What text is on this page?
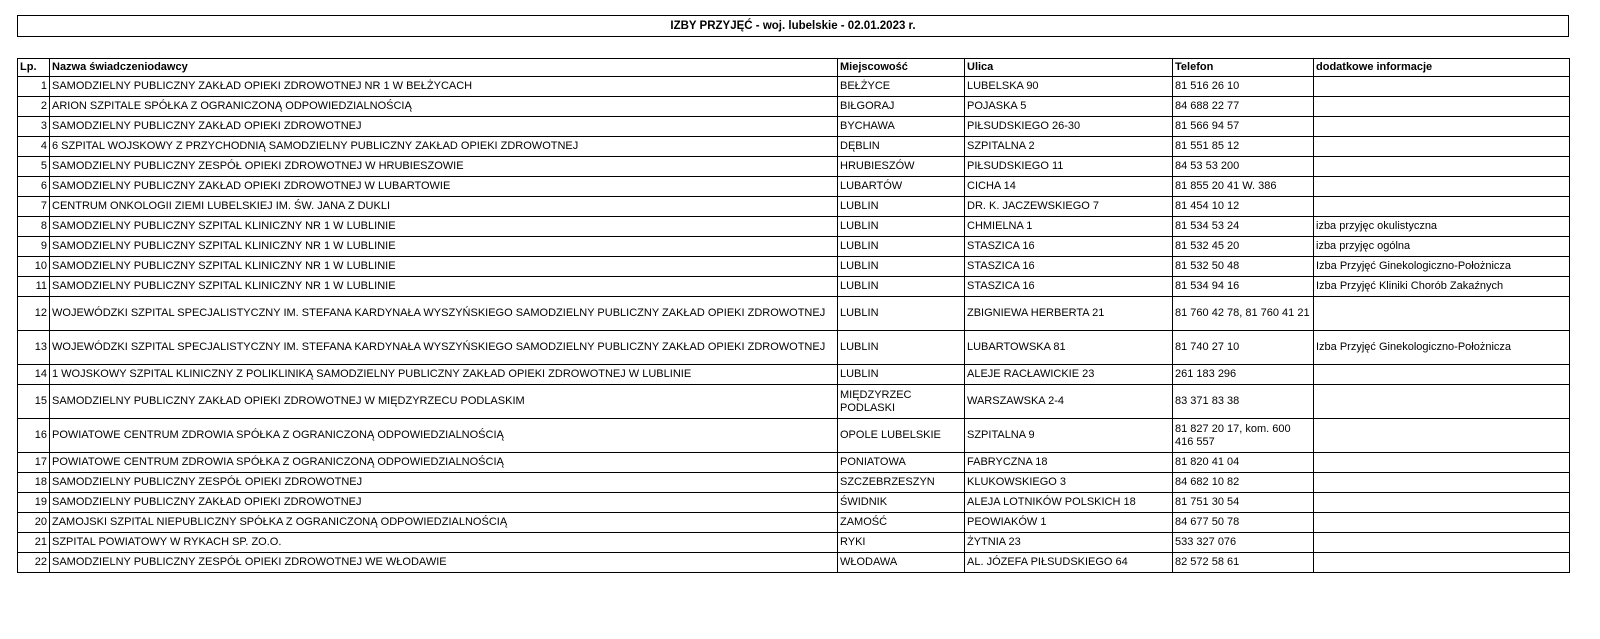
IZBY PRZYJĘĆ - woj. lubelskie - 02.01.2023 r.
Lp.	Nazwa świadczeniodawcy	Miejscowość	Ulica	Telefon	dodatkowe informacje
1	SAMODZIELNY PUBLICZNY ZAKŁAD OPIEKI ZDROWOTNEJ NR 1 W BEŁŻYCACH	BEŁŻYCE	LUBELSKA 90	81 516 26 10	
2	ARION SZPITALE SPÓŁKA Z OGRANICZONĄ ODPOWIEDZIALNOŚCIĄ	BIŁGORAJ	POJASKA 5	84 688 22 77	
3	SAMODZIELNY PUBLICZNY ZAKŁAD OPIEKI ZDROWOTNEJ	BYCHAWA	PIŁSUDSKIEGO 26-30	81 566 94 57	
4	6 SZPITAL WOJSKOWY Z PRZYCHODNIĄ SAMODZIELNY PUBLICZNY ZAKŁAD OPIEKI ZDROWOTNEJ	DĘBLIN	SZPITALNA 2	81 551 85 12	
5	SAMODZIELNY PUBLICZNY ZESPÓŁ OPIEKI ZDROWOTNEJ W HRUBIESZOWIE	HRUBIESZÓW	PIŁSUDSKIEGO 11	84 53 53 200	
6	SAMODZIELNY PUBLICZNY ZAKŁAD OPIEKI ZDROWOTNEJ W LUBARTOWIE	LUBARTÓW	CICHA 14	81 855 20 41 W. 386	
7	CENTRUM ONKOLOGII ZIEMI LUBELSKIEJ IM. ŚW. JANA Z DUKLI	LUBLIN	DR. K. JACZEWSKIEGO 7	81 454 10 12	
8	SAMODZIELNY PUBLICZNY SZPITAL KLINICZNY NR 1 W LUBLINIE	LUBLIN	CHMIELNA 1	81 534 53 24	izba przyjęc okulistyczna
9	SAMODZIELNY PUBLICZNY SZPITAL KLINICZNY NR 1 W LUBLINIE	LUBLIN	STASZICA 16	81 532 45 20	izba przyjęc ogólna
10	SAMODZIELNY PUBLICZNY SZPITAL KLINICZNY NR 1 W LUBLINIE	LUBLIN	STASZICA 16	81 532 50 48	Izba Przyjęć Ginekologiczno-Położnicza
11	SAMODZIELNY PUBLICZNY SZPITAL KLINICZNY NR 1 W LUBLINIE	LUBLIN	STASZICA 16	81 534 94 16	Izba Przyjęć Kliniki Chorób Zakaźnych
12	WOJEWÓDZKI SZPITAL SPECJALISTYCZNY IM. STEFANA KARDYNAŁA WYSZYŃSKIEGO SAMODZIELNY PUBLICZNY ZAKŁAD OPIEKI ZDROWOTNEJ	LUBLIN	ZBIGNIEWA HERBERTA 21	81 760 42 78, 81 760 41 21	
13	WOJEWÓDZKI SZPITAL SPECJALISTYCZNY IM. STEFANA KARDYNAŁA WYSZYŃSKIEGO SAMODZIELNY PUBLICZNY ZAKŁAD OPIEKI ZDROWOTNEJ	LUBLIN	LUBARTOWSKA 81	81 740 27 10	Izba Przyjęć Ginekologiczno-Położnicza
14	1 WOJSKOWY SZPITAL KLINICZNY Z POLIKLINIKĄ SAMODZIELNY PUBLICZNY ZAKŁAD OPIEKI ZDROWOTNEJ W LUBLINIE	LUBLIN	ALEJE RACŁAWICKIE 23	261 183 296	
15	SAMODZIELNY PUBLICZNY ZAKŁAD OPIEKI ZDROWOTNEJ W MIĘDZYRZECU PODLASKIM	MIĘDZYRZEC PODLASKI	WARSZAWSKA 2-4	83 371 83 38	
16	POWIATOWE CENTRUM ZDROWIA SPÓŁKA Z OGRANICZONĄ ODPOWIEDZIALNOŚCIĄ	OPOLE LUBELSKIE	SZPITALNA 9	81 827 20 17, kom. 600 416 557	
17	POWIATOWE CENTRUM ZDROWIA SPÓŁKA Z OGRANICZONĄ ODPOWIEDZIALNOŚCIĄ	PONIATOWA	FABRYCZNA 18	81 820 41 04	
18	SAMODZIELNY PUBLICZNY ZESPÓŁ OPIEKI ZDROWOTNEJ	SZCZEBRZESZYN	KLUKOWSKIEGO 3	84 682 10 82	
19	SAMODZIELNY PUBLICZNY ZAKŁAD OPIEKI ZDROWOTNEJ	ŚWIDNIK	ALEJA LOTNIKÓW POLSKICH 18	81 751 30 54	
20	ZAMOJSKI SZPITAL NIEPUBLICZNY SPÓŁKA Z OGRANICZONĄ ODPOWIEDZIALNOŚCIĄ	ZAMOŚĆ	PEOWIAKÓW 1	84 677 50 78	
21	SZPITAL POWIATOWY W RYKACH SP. ZO.O.	RYKI	ŻYTNIA 23	533 327 076	
22	SAMODZIELNY PUBLICZNY ZESPÓŁ OPIEKI ZDROWOTNEJ WE WŁODAWIE	WŁODAWA	AL. JÓZEFA PIŁSUDSKIEGO 64	82 572 58 61	
